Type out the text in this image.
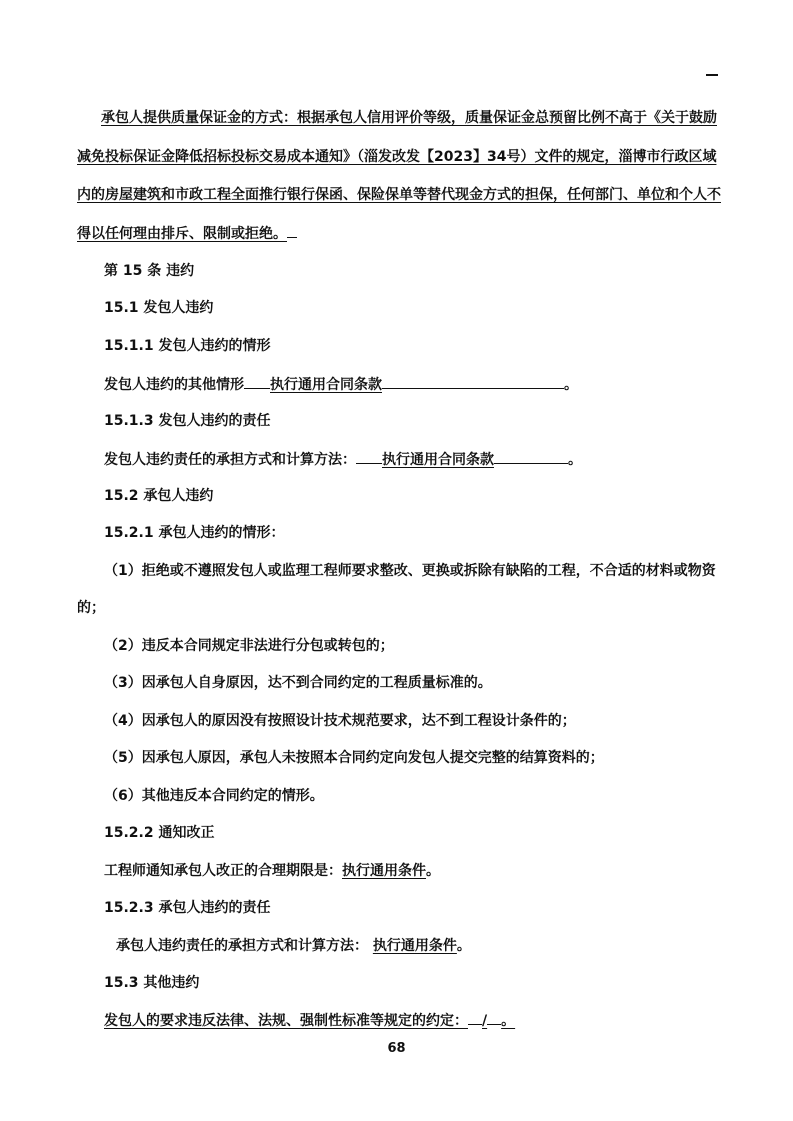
承包人提供质量保证金的方式：根据承包人信用评价等级，质量保证金总预留比例不高于《关于鼓励
减免投标保证金降低招标投标交易成本通知》（淄发改发【2023】34号）文件的规定，淄博市行政区域
内的房屋建筑和市政工程全面推行银行保函、保险保单等替代现金方式的担保，任何部门、单位和个人不
得以任何理由排斥、限制或拒绝。
第 15 条 违约
15.1 发包人违约
15.1.1 发包人违约的情形
发包人违约的其他情形 执行通用合同条款	。
15.1.3 发包人违约的责任
发包人违约责任的承担方式和计算方法： 执行通用合同条款	。
15.2 承包人违约
15.2.1 承包人违约的情形：
（1）拒绝或不遵照发包人或监理工程师要求整改、更换或拆除有缺陷的工程，不合适的材料或物资
的；
（2）违反本合同规定非法进行分包或转包的；
（3）因承包人自身原因，达不到合同约定的工程质量标准的。
（4）因承包人的原因没有按照设计技术规范要求，达不到工程设计条件的；
（5）因承包人原因，承包人未按照本合同约定向发包人提交完整的结算资料的；
（6）其他违反本合同约定的情形。
15.2.2 通知改正
工程师通知承包人改正的合理期限是：执行通用条件。
15.2.3 承包人违约的责任
承包人违约责任的承担方式和计算方法： 执行通用条件。
15.3 其他违约
发包人的要求违反法律、法规、强制性标准等规定的约定： / 。
68
